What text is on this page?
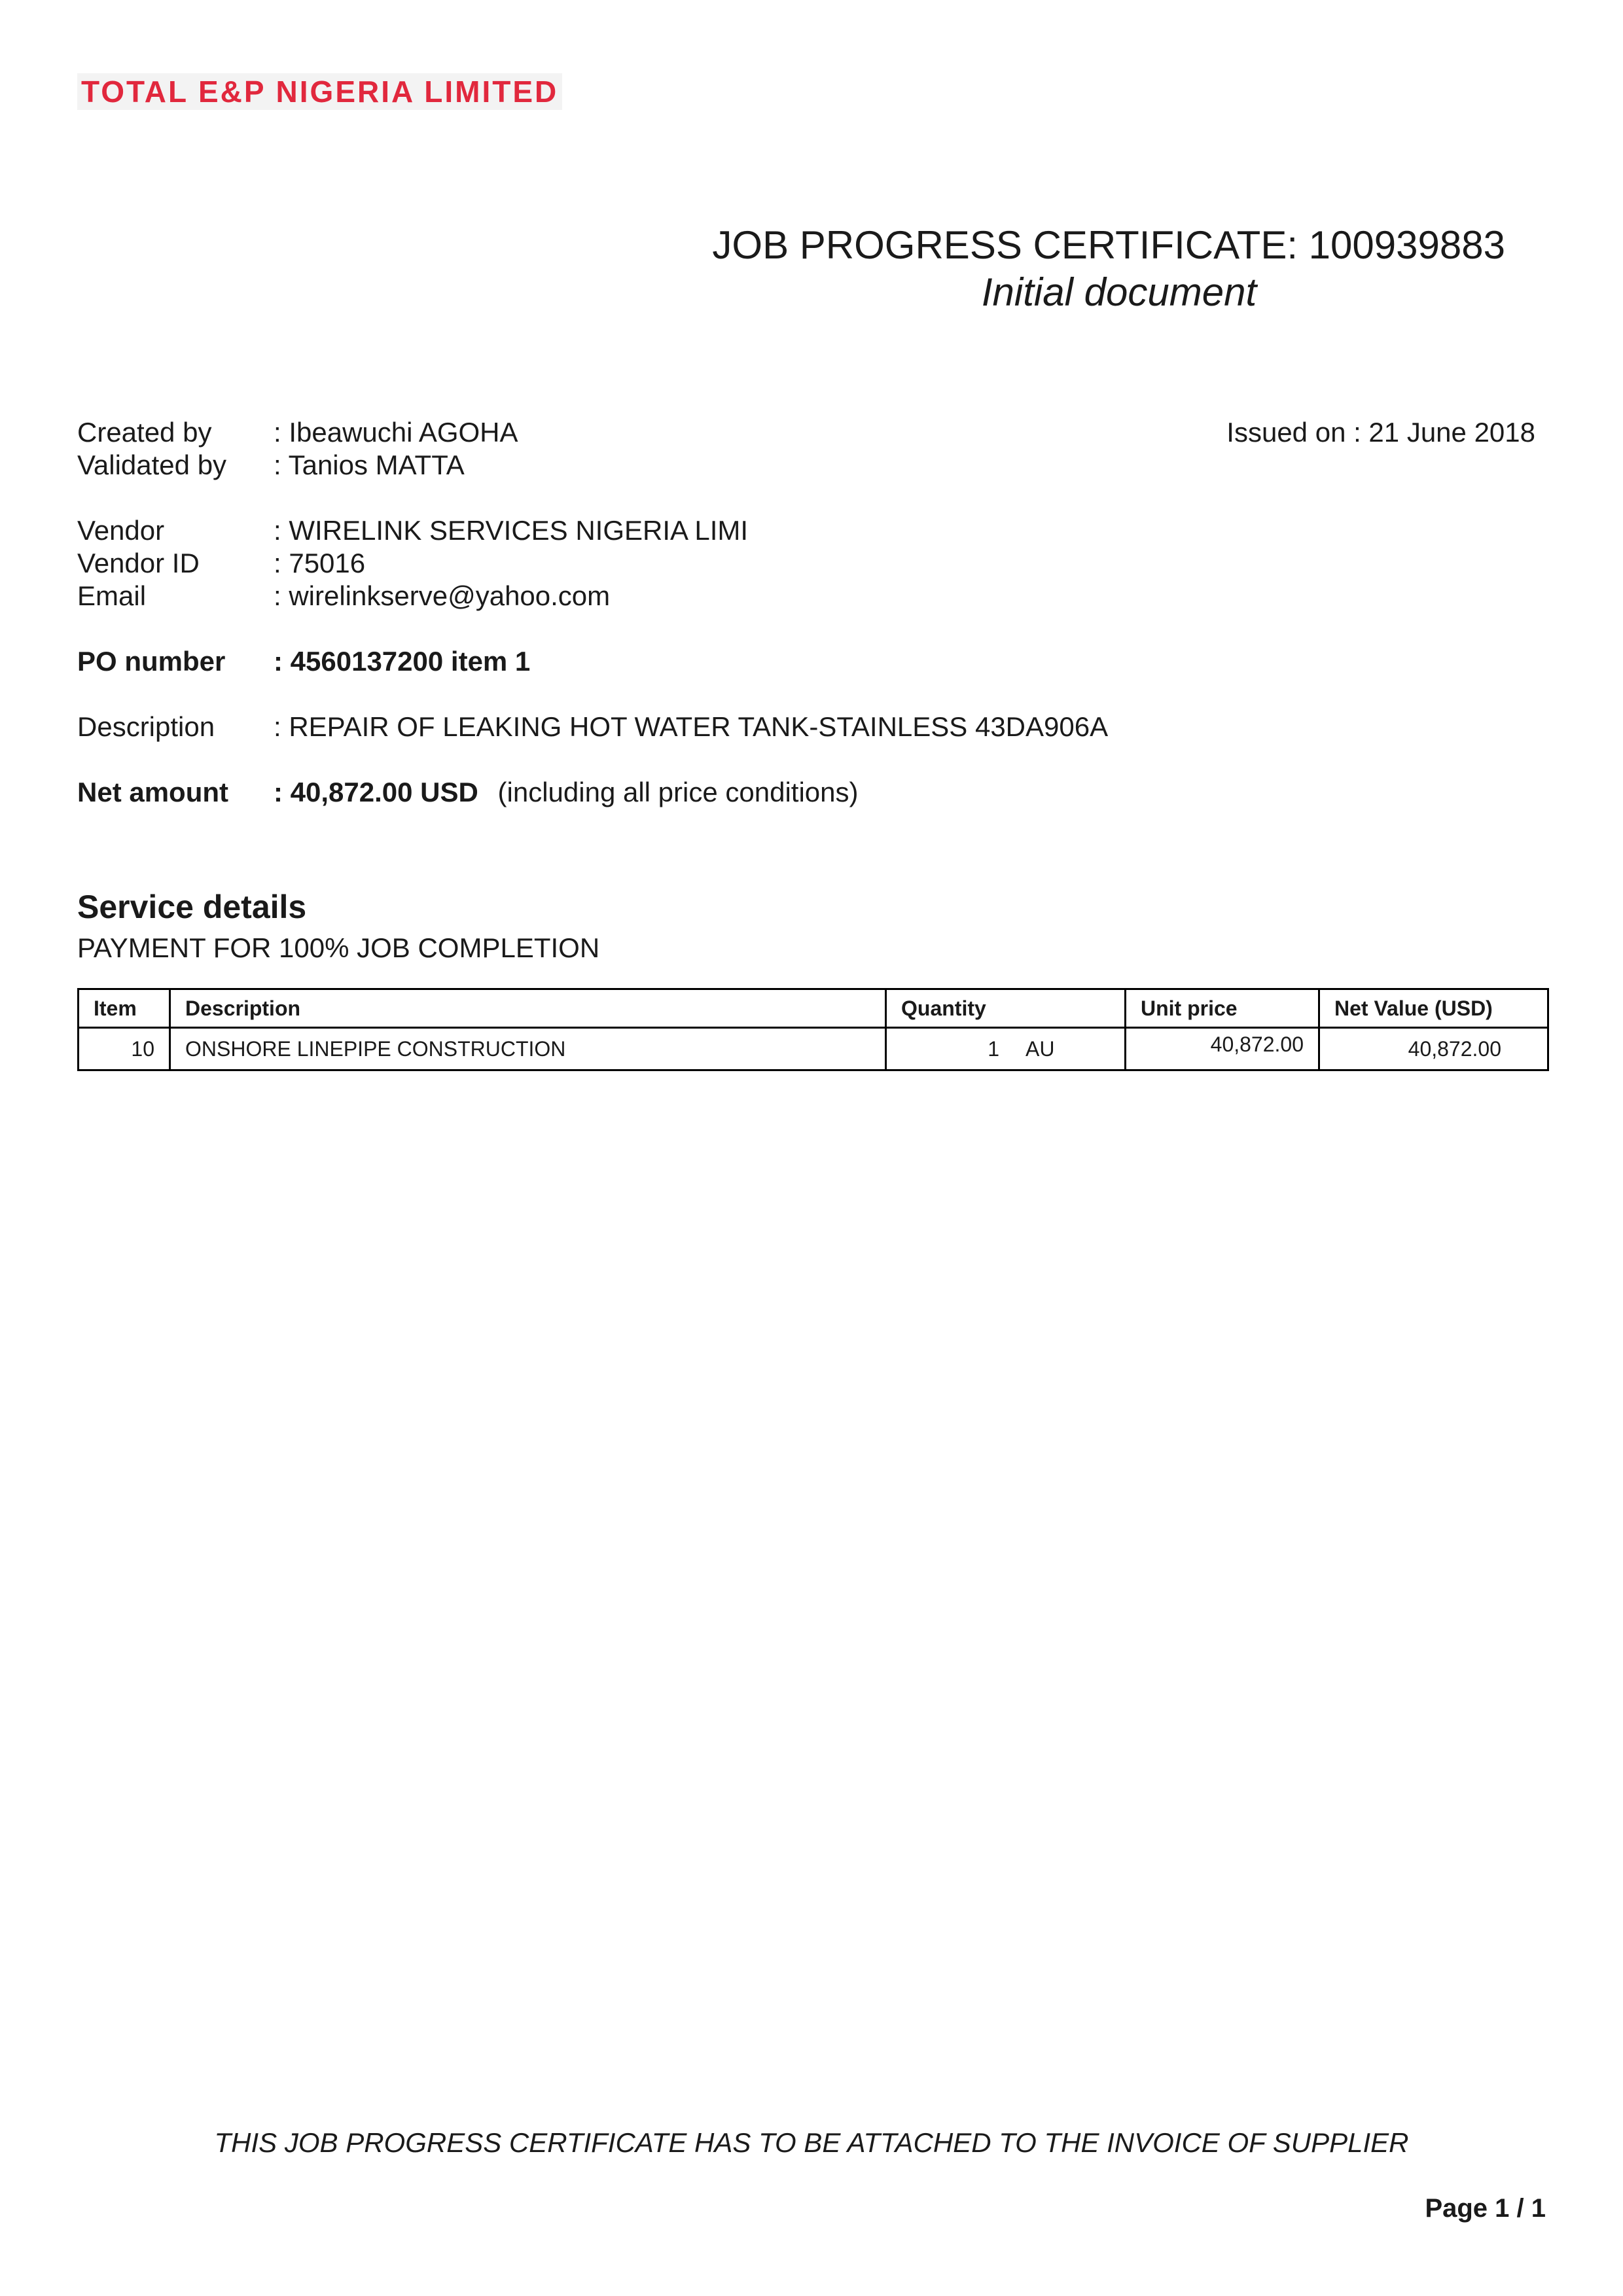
TOTAL E&P NIGERIA LIMITED
JOB PROGRESS CERTIFICATE: 100939883
Initial document
Created by : Ibeawuchi AGOHA	Issued on : 21 June 2018
Validated by : Tanios MATTA
Vendor	: WIRELINK SERVICES NIGERIA LIMI
Vendor ID	: 75016
Email	: wirelinkserve@yahoo.com
PO number : 4560137200 item 1
Description : REPAIR OF LEAKING HOT WATER TANK-STAINLESS 43DA906A
Net amount : 40,872.00 USD (including all price conditions)
Service details
PAYMENT FOR 100% JOB COMPLETION
Item	Description	Quantity	Unit price	Net Value (USD)
10	ONSHORE LINEPIPE CONSTRUCTION	1 AU	40,872.00	40,872.00
THIS JOB PROGRESS CERTIFICATE HAS TO BE ATTACHED TO THE INVOICE OF SUPPLIER
Page 1 / 1
